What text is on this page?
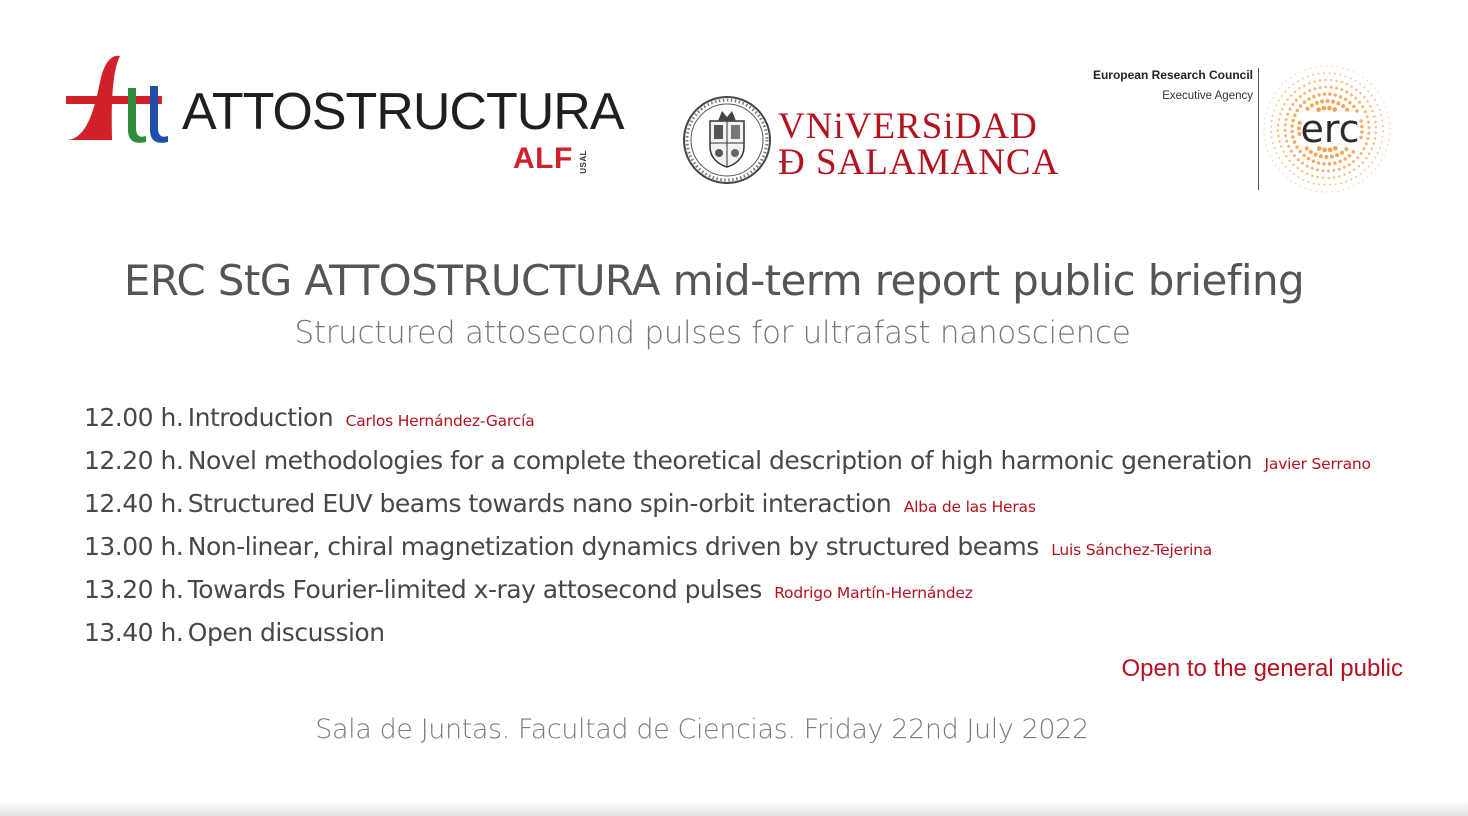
ATTOSTRUCTURA
ALF USAL
VNiVERSiDAD
Ð SALAMANCA
European Research Council
Executive Agency
erc
ERC StG ATTOSTRUCTURA mid-term report public briefing
Structured attosecond pulses for ultrafast nanoscience
12.00 h. Introduction Carlos Hernández-García
12.20 h. Novel methodologies for a complete theoretical description of high harmonic generation Javier Serrano
12.40 h. Structured EUV beams towards nano spin-orbit interaction Alba de las Heras
13.00 h. Non-linear, chiral magnetization dynamics driven by structured beams Luis Sánchez-Tejerina
13.20 h. Towards Fourier-limited x-ray attosecond pulses Rodrigo Martín-Hernández
13.40 h. Open discussion
Open to the general public
Sala de Juntas. Facultad de Ciencias. Friday 22nd July 2022
